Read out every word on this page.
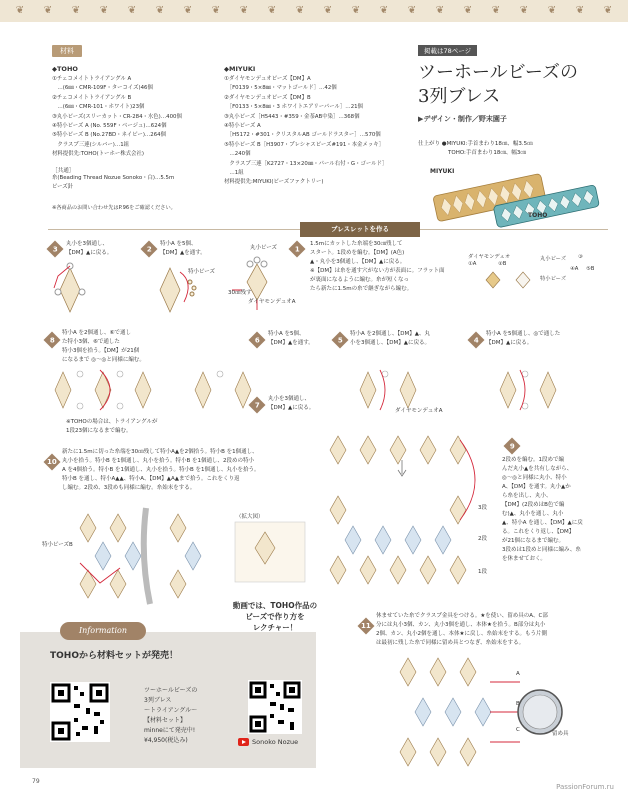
❦ ❦ ❦ ❦ ❦ ❦ ❦ ❦ ❦ ❦ ❦ ❦ ❦ ❦ ❦ ❦ ❦ ❦ ❦ ❦ ❦ ❦
材料
◆TOHO
①チェコメイトトライアングル A
　…(6㎜・CMR-109F・ターコイズ)46個
②チェコメイトトライアングル B
　…(6㎜・CMR-101・ホワイト)23個
③丸小ビーズ(スリーカット・CR-284・水色)…400個
④特小ビーズ A (No. 559F・ベージュ)…624個
⑤特小ビーズ B (No.27BD・ネイビー)…264個
　クラスプ三連(シルバー)…1組
材料提供先:TOHO(トーホー株式会社)
［共通］
糸(Beading Thread Nozue Sonoko・白)…5.5m
ビーズ針
◆MIYUKI
①ダイヤモンデュオビーズ【DM】A
　［F0139・5×8㎜・マットゴールド］…42個
②ダイヤモンデュオビーズ【DM】B
　［F0133・5×8㎜・3 ホワイトエアリーパール］…21個
③丸小ビーズ［H5443・#359・金茶AB中染］…368個
④特小ビーズ A
　［H5172・#301・クリスタルAB ゴールドラスター］…570個
⑤特小ビーズ B［H3907・プレシャスビーズ#191・本金メッキ］
　…240個
　クラスプ三連［K2727・13×20㎜・パール右付・G・ゴールド］
　…1組
材料提供先:MIYUKI(ビーズファクトリー)
※各商品のお問い合わせ先はP.96をご確認ください。
掲載は78ページ
ツーホールビーズの
3列ブレス
▶デザイン・制作／野末園子
仕上がり ●MIYUKI:手首まわり18㎝、幅3.5㎝
TOHO:手首まわり18㎝、幅3㎝
MIYUKI
TOHO
ブレスレットを作る
ダイヤモンデュオ
①A	②B
丸小ビーズ ③
特小ビーズ
④A ⑤B
1
1.5mにカットした糸端を30㎝残して
スタート。1段めを編む。【DM】(A色)
▲・丸小を3個通し、【DM】▲に戻る。
※【DM】は糸を通す穴がない方が表面に。フラット面
が裏面になるように編む。糸が短くなっ
たら新たに1.5mの糸で継ぎながら編む。
2
特小A を5個、
【DM】▲を通す。
3
丸小を3個通し、
【DM】▲に戻る。
特小ビーズ
丸小ビーズ
30㎝残す
ダイヤモンデュオA
8
特小A を2個通し、⑥で通し
た特小3個、⑥で通した
特小3個を拾う。【DM】が21個
になるまで ◎～◎と同様に編む。
※TOHOの場合は、トライアングルが
1段23個になるまで編む。
6
特小A を5個、
【DM】▲を通す。	5
特小A を2個通し、【DM】▲、丸
小を3個通し、【DM】▲に戻る。	4
特小A を5個通し、◎で通した
【DM】▲に戻る。
7
丸小を3個通し、
【DM】▲に戻る。	ダイヤモンデュオA
10
新たに1.5mに切った糸端を30㎝残して特小A▲を2個拾う。特小B を1個通し、
丸小を拾う。特小B を1個通し、丸小を拾う。特小B を1個通し、2段めの特小
A を4個拾う。特小B を1個通し、丸小を拾う。特小B を1個通し、丸小を拾う。
特小B を通し、特小A▲▲、特小A、【DM】▲A▲まで拾う。これをくり返
し編む。2段め、3段めも同様に編む。糸始末をする。
（拡大図）
特小ビーズB
9
2段めを編む。1段めで編
んだ丸小▲を共有しながら、
◎～◎と同様に丸小、特小
A、【DM】を通す。丸小▲か
ら糸を出し、丸小、
【DM】(2段めはB色で編
む)▲、丸小を通し、丸小
▲、特小A を通し、【DM】▲に戻
る。これをくり返し、【DM】
が21個になるまで編む。
3段めは1段めと同様に編み、糸
を休ませておく。
3段
2段
1段
11
休ませていた糸でクラスプ金具をつける。★を使い、留め具のA、C部
分には丸小3個、カン、丸小3個を通し、本体★を拾う。B部分は丸小
2個、カン、丸小2個を通し、本体★に戻し、糸始末をする。もう片側
は最初に残した糸で同様に留め具とつなぎ、糸始末をする。
A
B
C
留め具
Information
TOHOから材料セットが発売！
ツーホールビーズの
3列ブレス
～トライアングル～
【材料セット】
minneにて発売中!
¥4,950(税込み)
動画では、TOHO作品の
ビーズで作り方を
レクチャー！
Sonoko Nozue
79
PassionForum.ru
